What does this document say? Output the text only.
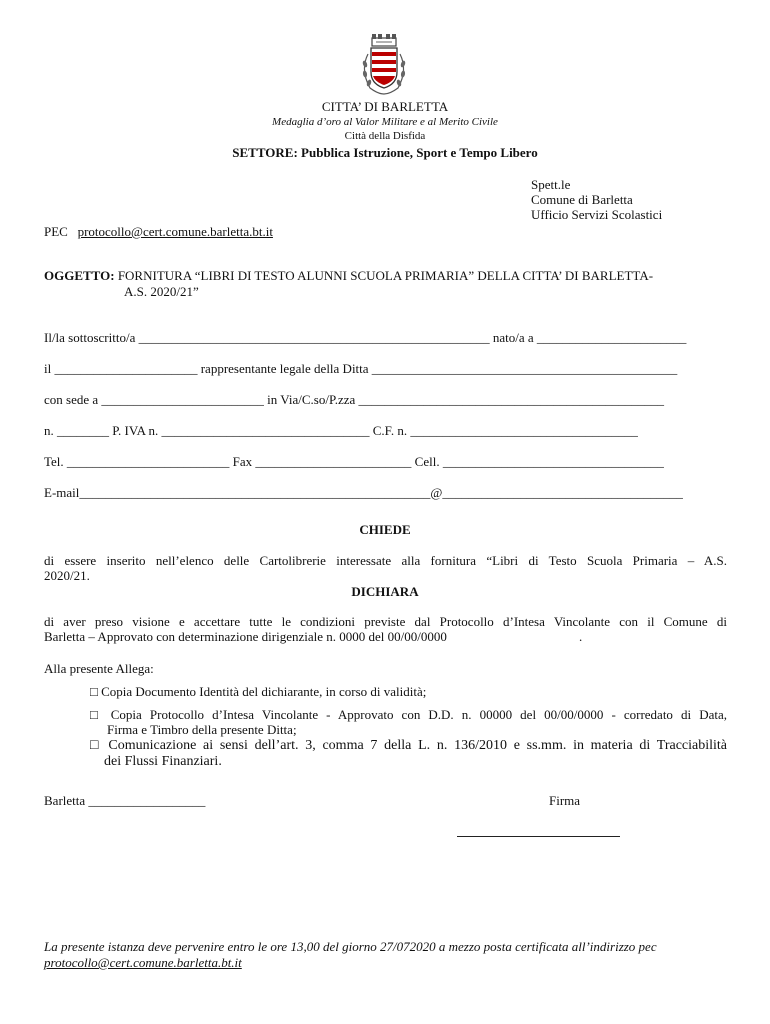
CITTA’ DI BARLETTA
Medaglia d’oro al Valor Militare e al Merito Civile
Città della Disfida
SETTORE: Pubblica Istruzione, Sport e Tempo Libero
Spett.le
Comune di Barletta
Ufficio Servizi Scolastici
PEC protocollo@cert.comune.barletta.bt.it
OGGETTO: FORNITURA “LIBRI DI TESTO ALUNNI SCUOLA PRIMARIA” DELLA CITTA’ DI BARLETTA-
A.S. 2020/21”
Il/la sottoscritto/a ______________________________________________________ nato/a a _______________________
il ______________________ rappresentante legale della Ditta _______________________________________________
con sede a _________________________ in Via/C.so/P.zza _______________________________________________
n. ________ P. IVA n. ________________________________ C.F. n. ___________________________________
Tel. _________________________ Fax ________________________ Cell. __________________________________
E-mail______________________________________________________@_____________________________________
CHIEDE
di essere inserito nell’elenco delle Cartolibrerie interessate alla fornitura “Libri di Testo Scuola Primaria – A.S.
2020/21.
DICHIARA
di aver preso visione e accettare tutte le condizioni previste dal Protocollo d’Intesa Vincolante con il Comune di
Barletta – Approvato con determinazione dirigenziale n. 0000 del 00/00/0000	.
Alla presente Allega:
□ Copia Documento Identità del dichiarante, in corso di validità;
□ Copia Protocollo d’Intesa Vincolante - Approvato con D.D. n. 00000 del 00/00/0000 - corredato di Data,
Firma e Timbro della presente Ditta;
□ Comunicazione ai sensi dell’art. 3, comma 7 della L. n. 136/2010 e ss.mm. in materia di Tracciabilità
dei Flussi Finanziari.
Barletta __________________	Firma
La presente istanza deve pervenire entro le ore 13,00 del giorno 27/072020 a mezzo posta certificata all’indirizzo pec
protocollo@cert.comune.barletta.bt.it
